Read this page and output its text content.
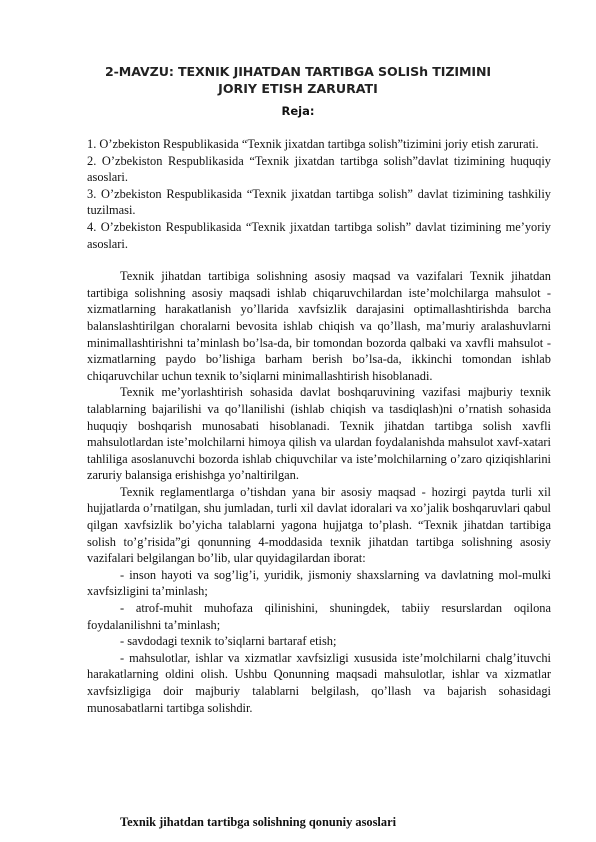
2-MAVZU: TEXNIK JIHATDAN TARTIBGA SOLISh TIZIMINI
JORIY ETISH ZARURATI
Reja:

1. O’zbekiston Respublikasida “Texnik jixatdan tartibga solish”tizimini joriy etish zarurati.

2. O’zbekiston Respublikasida “Texnik jixatdan tartibga solish”davlat tizimining huquqiy asoslari.

3. O’zbekiston Respublikasida “Texnik jixatdan tartibga solish” davlat tizimining tashkiliy tuzilmasi.

4. O’zbekiston Respublikasida “Texnik jixatdan tartibga solish” davlat tizimining me’yoriy asoslari.

Texnik jihatdan tartibiga solishning asosiy maqsad va vazifalari Texnik jihatdan tartibiga solishning asosiy maqsadi ishlab chiqaruvchilardan iste’molchilarga mahsulot - xizmatlarning harakatlanish yo’llarida xavfsizlik darajasini optimallashtirishda barcha balanslashtirilgan choralarni bevosita ishlab chiqish va qo’llash, ma’muriy aralashuvlarni minimallashtirishni ta’minlash bo’lsa-da, bir tomondan bozorda qalbaki va xavfli mahsulot - xizmatlarning paydo bo’lishiga barham berish bo’lsa-da, ikkinchi tomondan ishlab chiqaruvchilar uchun texnik to’siqlarni minimallashtirish hisoblanadi.

Texnik me’yorlashtirish sohasida davlat boshqaruvining vazifasi majburiy texnik talablarning bajarilishi va qo’llanilishi (ishlab chiqish va tasdiqlash)ni o’rnatish sohasida huquqiy boshqarish munosabati hisoblanadi. Texnik jihatdan tartibga solish xavfli mahsulotlardan iste’molchilarni himoya qilish va ulardan foydalanishda mahsulot xavf-xatari tahliliga asoslanuvchi bozorda ishlab chiquvchilar va iste’molchilarning o’zaro qiziqishlarini zaruriy balansiga erishishga yo’naltirilgan.

Texnik reglamentlarga o’tishdan yana bir asosiy maqsad - hozirgi paytda turli xil hujjatlarda o’rnatilgan, shu jumladan, turli xil davlat idoralari va xo’jalik boshqaruvlari qabul qilgan xavfsizlik bo’yicha talablarni yagona hujjatga to’plash. “Texnik jihatdan tartibiga solish to’g’risida”gi qonunning 4-moddasida texnik jihatdan tartibga solishning asosiy vazifalari belgilangan bo’lib, ular quyidagilardan iborat:

- inson hayoti va sog’lig’i, yuridik, jismoniy shaxslarning va davlatning mol-mulki xavfsizligini ta’minlash;

- atrof-muhit muhofaza qilinishini, shuningdek, tabiiy resurslardan oqilona foydalanilishni ta’minlash;

- savdodagi texnik to’siqlarni bartaraf etish;

- mahsulotlar, ishlar va xizmatlar xavfsizligi xususida iste’molchilarni chalg’ituvchi harakatlarning oldini olish. Ushbu Qonunning maqsadi mahsulotlar, ishlar va xizmatlar xavfsizligiga doir majburiy talablarni belgilash, qo’llash va bajarish sohasidagi munosabatlarni tartibga solishdir.

Texnik jihatdan tartibga solishning qonuniy asoslari
